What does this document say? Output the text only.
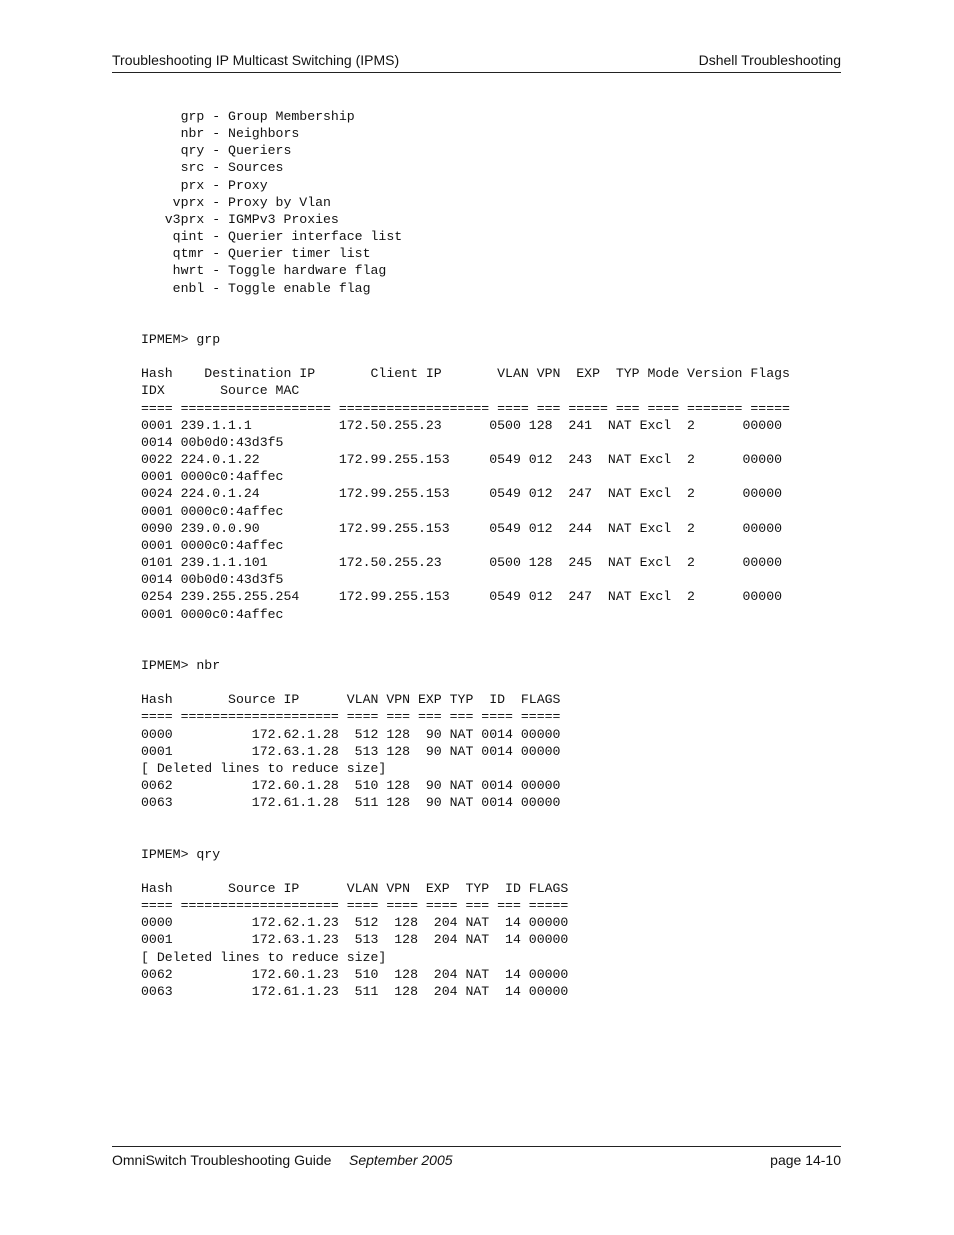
Troubleshooting IP Multicast Switching (IPMS)	Dshell Troubleshooting
grp - Group Membership
nbr - Neighbors
qry - Queriers
src - Sources
prx - Proxy
vprx - Proxy by Vlan
v3prx - IGMPv3 Proxies
qint - Querier interface list
qtmr - Querier timer list
hwrt - Toggle hardware flag
enbl - Toggle enable flag
IPMEM> grp

Hash    Destination IP       Client IP       VLAN VPN  EXP  TYP Mode Version Flags
IDX       Source MAC
==== =================== =================== ==== === ===== === ==== ======= =====
0001 239.1.1.1           172.50.255.23      0500 128  241  NAT Excl  2      00000
0014 00b0d0:43d3f5
0022 224.0.1.22          172.99.255.153     0549 012  243  NAT Excl  2      00000
0001 0000c0:4affec
0024 224.0.1.24          172.99.255.153     0549 012  247  NAT Excl  2      00000
0001 0000c0:4affec
0090 239.0.0.90          172.99.255.153     0549 012  244  NAT Excl  2      00000
0001 0000c0:4affec
0101 239.1.1.101         172.50.255.23      0500 128  245  NAT Excl  2      00000
0014 00b0d0:43d3f5
0254 239.255.255.254     172.99.255.153     0549 012  247  NAT Excl  2      00000
0001 0000c0:4affec
IPMEM> nbr

Hash       Source IP      VLAN VPN EXP TYP  ID  FLAGS
==== ==================== ==== === === === ==== =====
0000          172.62.1.28  512 128  90 NAT 0014 00000
0001          172.63.1.28  513 128  90 NAT 0014 00000
[ Deleted lines to reduce size]
0062          172.60.1.28  510 128  90 NAT 0014 00000
0063          172.61.1.28  511 128  90 NAT 0014 00000
IPMEM> qry

Hash       Source IP      VLAN VPN  EXP  TYP  ID FLAGS
==== ==================== ==== ==== ==== === === =====
0000          172.62.1.23  512  128  204 NAT  14 00000
0001          172.63.1.23  513  128  204 NAT  14 00000
[ Deleted lines to reduce size]
0062          172.60.1.23  510  128  204 NAT  14 00000
0063          172.61.1.23  511  128  204 NAT  14 00000
OmniSwitch Troubleshooting Guide September 2005	page 14-10
